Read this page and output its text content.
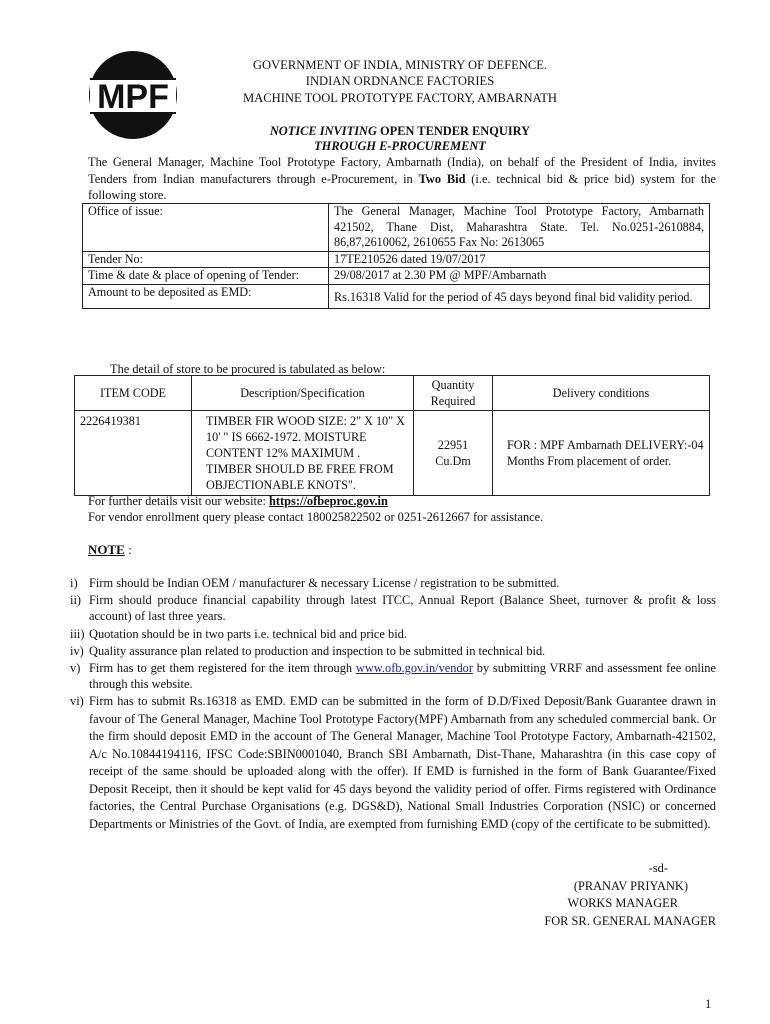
MPF
GOVERNMENT OF INDIA, MINISTRY OF DEFENCE.
INDIAN ORDNANCE FACTORIES
MACHINE TOOL PROTOTYPE FACTORY, AMBARNATH
NOTICE INVITING OPEN TENDER ENQUIRY
THROUGH E-PROCUREMENT
The General Manager, Machine Tool Prototype Factory, Ambarnath (India), on behalf of the President of India, invites Tenders from Indian manufacturers through e-Procurement, in Two Bid (i.e. technical bid & price bid) system for the following store.
Office of issue:	The General Manager, Machine Tool Prototype Factory, Ambarnath 421502, Thane Dist, Maharashtra State. Tel. No.0251-2610884, 86,87,2610062, 2610655 Fax No: 2613065
Tender No:	17TE210526 dated 19/07/2017
Time & date & place of opening of Tender:	29/08/2017 at 2.30 PM @ MPF/Ambarnath
Amount to be deposited as EMD:	Rs.16318 Valid for the period of 45 days beyond final bid validity period.
The detail of store to be procured is tabulated as below:
ITEM CODE	Description/Specification	Quantity Required	Delivery conditions
2226419381	TIMBER FIR WOOD SIZE: 2" X 10" X 10' " IS 6662-1972. MOISTURE CONTENT 12% MAXIMUM . TIMBER SHOULD BE FREE FROM OBJECTIONABLE KNOTS".	22951 Cu.Dm	FOR : MPF Ambarnath DELIVERY:-04 Months From placement of order.
For further details visit our website: https://ofbeproc.gov.in
For vendor enrollment query please contact 180025822502 or 0251-2612667 for assistance.
NOTE :
i) Firm should be Indian OEM / manufacturer & necessary License / registration to be submitted.
ii) Firm should produce financial capability through latest ITCC, Annual Report (Balance Sheet, turnover & profit & loss account) of last three years.
iii) Quotation should be in two parts i.e. technical bid and price bid.
iv) Quality assurance plan related to production and inspection to be submitted in technical bid.
v) Firm has to get them registered for the item through www.ofb.gov.in/vendor by submitting VRRF and assessment fee online through this website.
vi) Firm has to submit Rs.16318 as EMD. EMD can be submitted in the form of D.D/Fixed Deposit/Bank Guarantee drawn in favour of The General Manager, Machine Tool Prototype Factory(MPF) Ambarnath from any scheduled commercial bank. Or the firm should deposit EMD in the account of The General Manager, Machine Tool Prototype Factory, Ambarnath-421502, A/c No.10844194116, IFSC Code:SBIN0001040, Branch SBI Ambarnath, Dist-Thane, Maharashtra (in this case copy of receipt of the same should be uploaded along with the offer). If EMD is furnished in the form of Bank Guarantee/Fixed Deposit Receipt, then it should be kept valid for 45 days beyond the validity period of offer. Firms registered with Ordinance factories, the Central Purchase Organisations (e.g. DGS&D), National Small Industries Corporation (NSIC) or concerned Departments or Ministries of the Govt. of India, are exempted from furnishing EMD (copy of the certificate to be submitted).
-sd-
(PRANAV PRIYANK)
WORKS MANAGER
FOR SR. GENERAL MANAGER
1
